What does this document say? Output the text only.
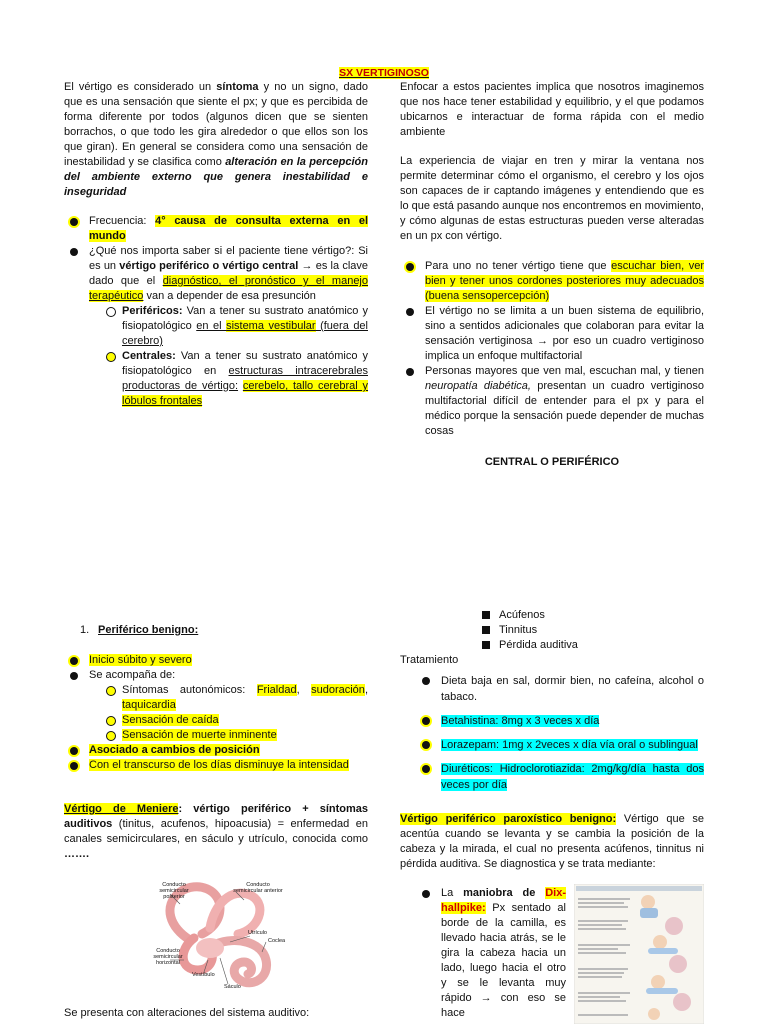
SX VERTIGINOSO

El vértigo es considerado un síntoma y no un signo, dado que es una sensación que siente el px; y que es percibida de forma diferente por todos (algunos dicen que se sienten borrachos, o que todo les gira alrededor o que ellos son los que giran). En general se considera como una sensación de inestabilidad y se clasifica como alteración en la percepción del ambiente externo que genera inestabilidad e inseguridad

Frecuencia: 4° causa de consulta externa en el mundo
¿Qué nos importa saber si el paciente tiene vértigo?: Si es un vértigo periférico o vértigo central → es la clave dado que el diagnóstico, el pronóstico y el manejo terapéutico van a depender de esa presunción
Periféricos: Van a tener su sustrato anatómico y fisiopatológico en el sistema vestibular (fuera del cerebro)
Centrales: Van a tener su sustrato anatómico y fisiopatológico en estructuras intracerebrales productoras de vértigo: cerebelo, tallo cerebral y lóbulos frontales

Enfocar a estos pacientes implica que nosotros imaginemos que nos hace tener estabilidad y equilibrio, y el que podamos ubicarnos e interactuar de forma rápida con el medio ambiente

La experiencia de viajar en tren y mirar la ventana nos permite determinar cómo el organismo, el cerebro y los ojos son capaces de ir captando imágenes y entendiendo que es lo que está pasando aunque nos encontremos en movimiento, y cómo algunas de estas estructuras pueden verse alteradas en un px con vértigo.

Para uno no tener vértigo tiene que escuchar bien, ver bien y tener unos cordones posteriores muy adecuados (buena sensopercepción)
El vértigo no se limita a un buen sistema de equilibrio, sino a sentidos adicionales que colaboran para evitar la sensación vertiginosa → por eso un cuadro vertiginoso implica un enfoque multifactorial
Personas mayores que ven mal, escuchan mal, y tienen neuropatía diabética, presentan un cuadro vertiginoso multifactorial difícil de entender para el px y para el médico porque la sensación puede depender de muchas cosas
CENTRAL O PERIFÉRICO
1. Periférico benigno:
Inicio súbito y severo
Se acompaña de:
Síntomas autonómicos: Frialdad, sudoración, taquicardia
Sensación de caída
Sensación de muerte inminente
Asociado a cambios de posición
Con el transcurso de los días disminuye la intensidad

Vértigo de Meniere: vértigo periférico + síntomas auditivos (tinitus, acufenos, hipoacusia) = enfermedad en canales semicirculares, en sáculo y utrículo, conocida como …….

Conducto semicircular posterior
Conducto semicircular anterior
Utrículo
Coclea
Conducto semicircular horizontal
Vestíbulo
Sáculo

Se presenta con alteraciones del sistema auditivo:

Acúfenos
Tinnitus
Pérdida auditiva
Tratamiento
Dieta baja en sal, dormir bien, no cafeína, alcohol o tabaco.
Betahistina: 8mg x 3 veces x día
Lorazepam: 1mg x 2veces x día vía oral o sublingual
Diuréticos: Hidroclorotiazida: 2mg/kg/día hasta dos veces por día

Vértigo periférico paroxístico benigno: Vértigo que se acentúa cuando se levanta y se cambia la posición de la cabeza y la mirada, el cual no presenta acúfenos, tinnitus ni pérdida auditiva. Se diagnostica y se trata mediante:

La maniobra de Dix-hallpike: Px sentado al borde de la camilla, es llevado hacia atrás, se le gira la cabeza hacia un lado, luego hacia el otro y se le levanta muy rápido → con eso se hace
